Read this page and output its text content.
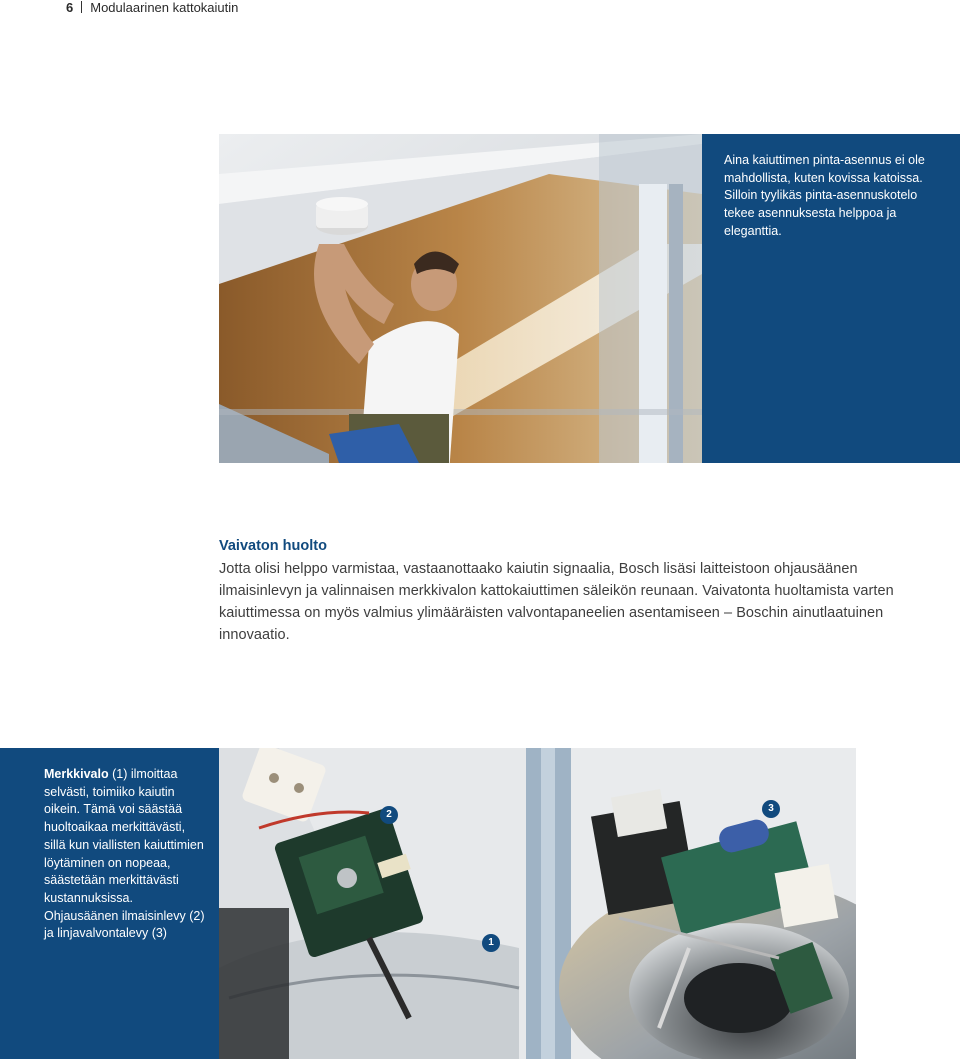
6 Modulaarinen kattokaiutin

Aina kaiuttimen pinta-asennus ei ole mahdollista, kuten kovissa katoissa. Silloin tyylikäs pinta-asennuskotelo tekee asennuksesta helppoa ja eleganttia.

Vaivaton huolto

Jotta olisi helppo varmistaa, vastaanottaako kaiutin signaalia, Bosch lisäsi laitteistoon ohjausäänen ilmaisinlevyn ja valinnaisen merkkivalon kattokaiuttimen säleikön reunaan. Vaivatonta huoltamista varten kaiuttimessa on myös valmius ylimääräisten valvontapaneelien asentamiseen – Boschin ainutlaatuinen innovaatio.

Merkkivalo (1) ilmoittaa selvästi, toimiiko kaiutin oikein. Tämä voi säästää huoltoaikaa merkittävästi, sillä kun viallisten kaiuttimien löytäminen on nopeaa, säästetään merkittävästi kustannuksissa. Ohjausäänen ilmaisinlevy (2) ja linjavalvontalevy (3)

1
2
3
